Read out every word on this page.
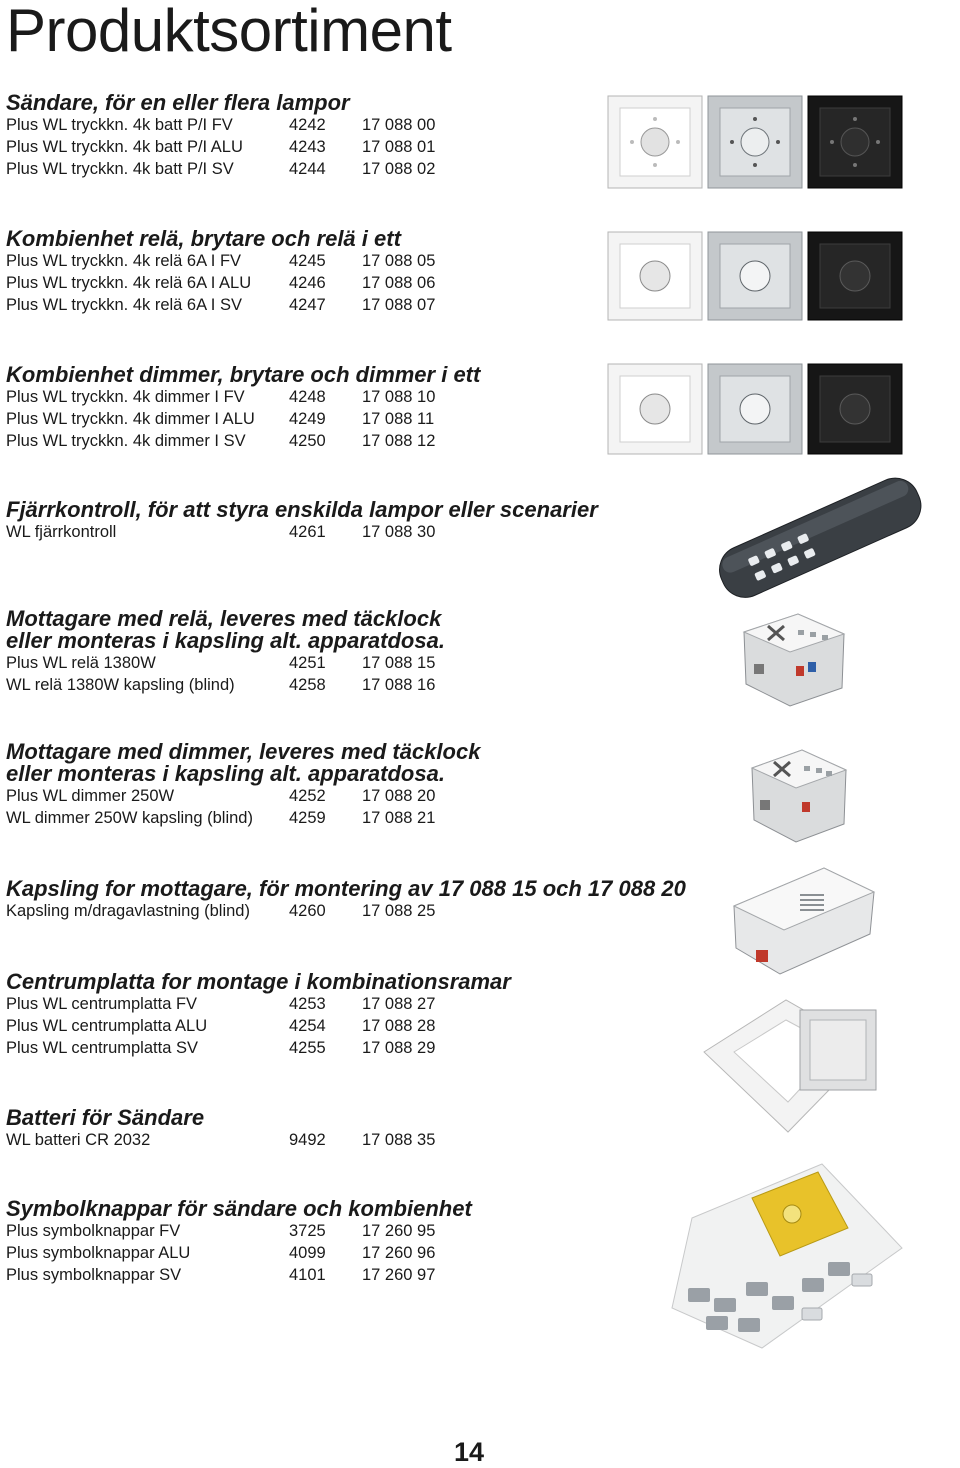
Produktsortiment
Sändare, för en eller flera lampor
Plus WL tryckkn. 4k batt P/I FV	4242 17 088 00
Plus WL tryckkn. 4k batt P/I ALU	4243 17 088 01
Plus WL tryckkn. 4k batt P/I SV	4244 17 088 02
Kombienhet relä, brytare och relä i ett
Plus WL tryckkn. 4k relä 6A I FV	4245 17 088 05
Plus WL tryckkn. 4k relä 6A I ALU 4246 17 088 06
Plus WL tryckkn. 4k relä 6A I SV	4247 17 088 07
Kombienhet dimmer, brytare och dimmer i ett
Plus WL tryckkn. 4k dimmer I FV	4248 17 088 10
Plus WL tryckkn. 4k dimmer I ALU 4249 17 088 11
Plus WL tryckkn. 4k dimmer I SV	4250 17 088 12
Fjärrkontroll, för att styra enskilda lampor eller scenarier
WL fjärrkontroll	4261 17 088 30
Mottagare med relä, leveres med täcklock
eller monteras i kapsling alt. apparatdosa.
Plus WL relä 1380W	4251 17 088 15
WL relä 1380W kapsling (blind)	4258 17 088 16
Mottagare med dimmer, leveres med täcklock
eller monteras i kapsling alt. apparatdosa.
Plus WL dimmer 250W	4252 17 088 20
WL dimmer 250W kapsling (blind) 4259 17 088 21
Kapsling for mottagare, för montering av 17 088 15 och 17 088 20
Kapsling m/dragavlastning (blind) 4260 17 088 25
Centrumplatta for montage i kombinationsramar
Plus WL centrumplatta FV	4253 17 088 27
Plus WL centrumplatta ALU	4254 17 088 28
Plus WL centrumplatta SV	4255 17 088 29
Batteri för Sändare
WL batteri CR 2032	9492 17 088 35
Symbolknappar för sändare och kombienhet
Plus symbolknappar FV	3725 17 260 95
Plus symbolknappar ALU	4099 17 260 96
Plus symbolknappar SV	4101 17 260 97
14
